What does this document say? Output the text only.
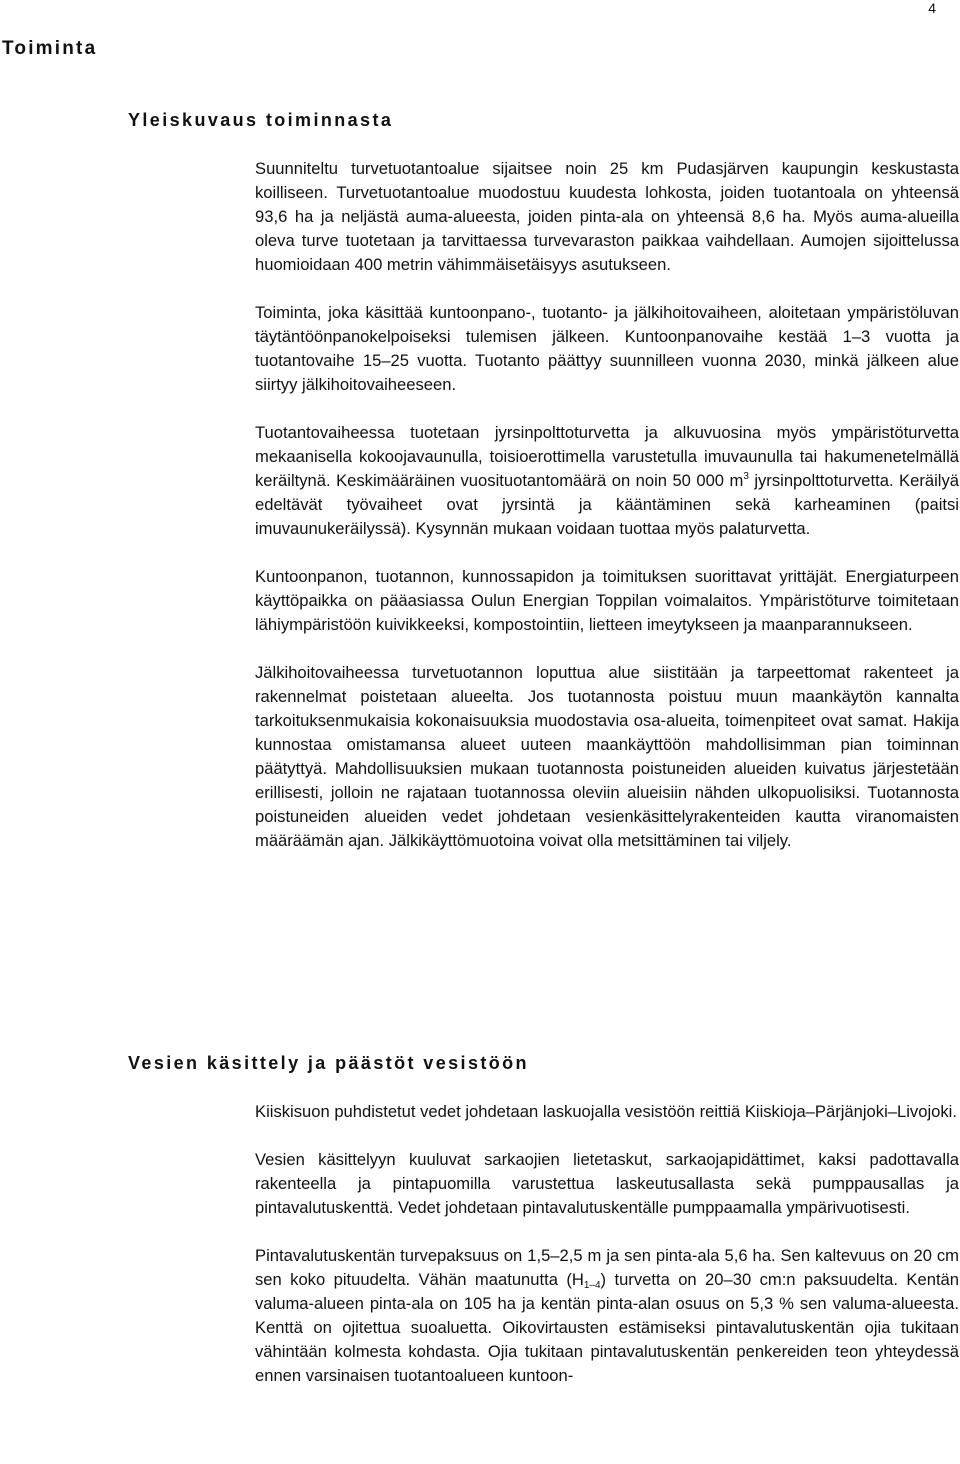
4
Toiminta
Yleiskuvaus toiminnasta

Suunniteltu turvetuotantoalue sijaitsee noin 25 km Pudasjärven kaupungin keskustasta koilliseen. Turvetuotantoalue muodostuu kuudesta lohkosta, joiden tuotantoala on yhteensä 93,6 ha ja neljästä auma-alueesta, joiden pinta-ala on yhteensä 8,6 ha. Myös auma-alueilla oleva turve tuotetaan ja tarvittaessa turvevaraston paikkaa vaihdellaan. Aumojen sijoittelussa huomioidaan 400 metrin vähimmäisetäisyys asutukseen.

Toiminta, joka käsittää kuntoonpano-, tuotanto- ja jälkihoitovaiheen, aloitetaan ympäristöluvan täytäntöönpanokelpoiseksi tulemisen jälkeen. Kuntoonpanovaihe kestää 1–3 vuotta ja tuotantovaihe 15–25 vuotta. Tuotanto päättyy suunnilleen vuonna 2030, minkä jälkeen alue siirtyy jälkihoitovaiheeseen.

Tuotantovaiheessa tuotetaan jyrsinpolttoturvetta ja alkuvuosina myös ympäristöturvetta mekaanisella kokoojavaunulla, toisioerottimella varustetulla imuvaunulla tai hakumenetelmällä keräiltynä. Keskimääräinen vuosituotantomäärä on noin 50 000 $m^3$ jyrsinpolttoturvetta. Keräilyä edeltävät työvaiheet ovat jyrsintä ja kääntäminen sekä karheaminen (paitsi imuvaunukeräilyssä). Kysynnän mukaan voidaan tuottaa myös palaturvetta.

Kuntoonpanon, tuotannon, kunnossapidon ja toimituksen suorittavat yrittäjät. Energiaturpeen käyttöpaikka on pääasiassa Oulun Energian Toppilan voimalaitos. Ympäristöturve toimitetaan lähiympäristöön kuivikkeeksi, kompostointiin, lietteen imeytykseen ja maanparannukseen.

Jälkihoitovaiheessa turvetuotannon loputtua alue siistitään ja tarpeettomat rakenteet ja rakennelmat poistetaan alueelta. Jos tuotannosta poistuu muun maankäytön kannalta tarkoituksenmukaisia kokonaisuuksia muodostavia osa-alueita, toimenpiteet ovat samat. Hakija kunnostaa omistamansa alueet uuteen maankäyttöön mahdollisimman pian toiminnan päätyttyä. Mahdollisuuksien mukaan tuotannosta poistuneiden alueiden kuivatus järjestetään erillisesti, jolloin ne rajataan tuotannossa oleviin alueisiin nähden ulkopuolisiksi. Tuotannosta poistuneiden alueiden vedet johdetaan vesienkäsittelyrakenteiden kautta viranomaisten määräämän ajan. Jälkikäyttömuotoina voivat olla metsittäminen tai viljely.

Vesien käsittely ja päästöt vesistöön

Kiiskisuon puhdistetut vedet johdetaan laskuojalla vesistöön reittiä Kiiskioja–Pärjänjoki–Livojoki.

Vesien käsittelyyn kuuluvat sarkaojien lietetaskut, sarkaojapidättimet, kaksi padottavalla rakenteella ja pintapuomilla varustettua laskeutusallasta sekä pumppausallas ja pintavalutuskenttä. Vedet johdetaan pintavalutuskentälle pumppaamalla ympärivuotisesti.

Pintavalutuskentän turvepaksuus on 1,5–2,5 m ja sen pinta-ala 5,6 ha. Sen kaltevuus on 20 cm sen koko pituudelta. Vähän maatunutta $(H_{1-4})$ turvetta on 20–30 cm:n paksuudelta. Kentän valuma-alueen pinta-ala on 105 ha ja kentän pinta-alan osuus on 5,3 % sen valuma-alueesta. Kenttä on ojitettua suoaluetta. Oikovirtausten estämiseksi pintavalutuskentän ojia tukitaan vähintään kolmesta kohdasta. Ojia tukitaan pintavalutuskentän penkereiden teon yhteydessä ennen varsinaisen tuotantoalueen kuntoon-
